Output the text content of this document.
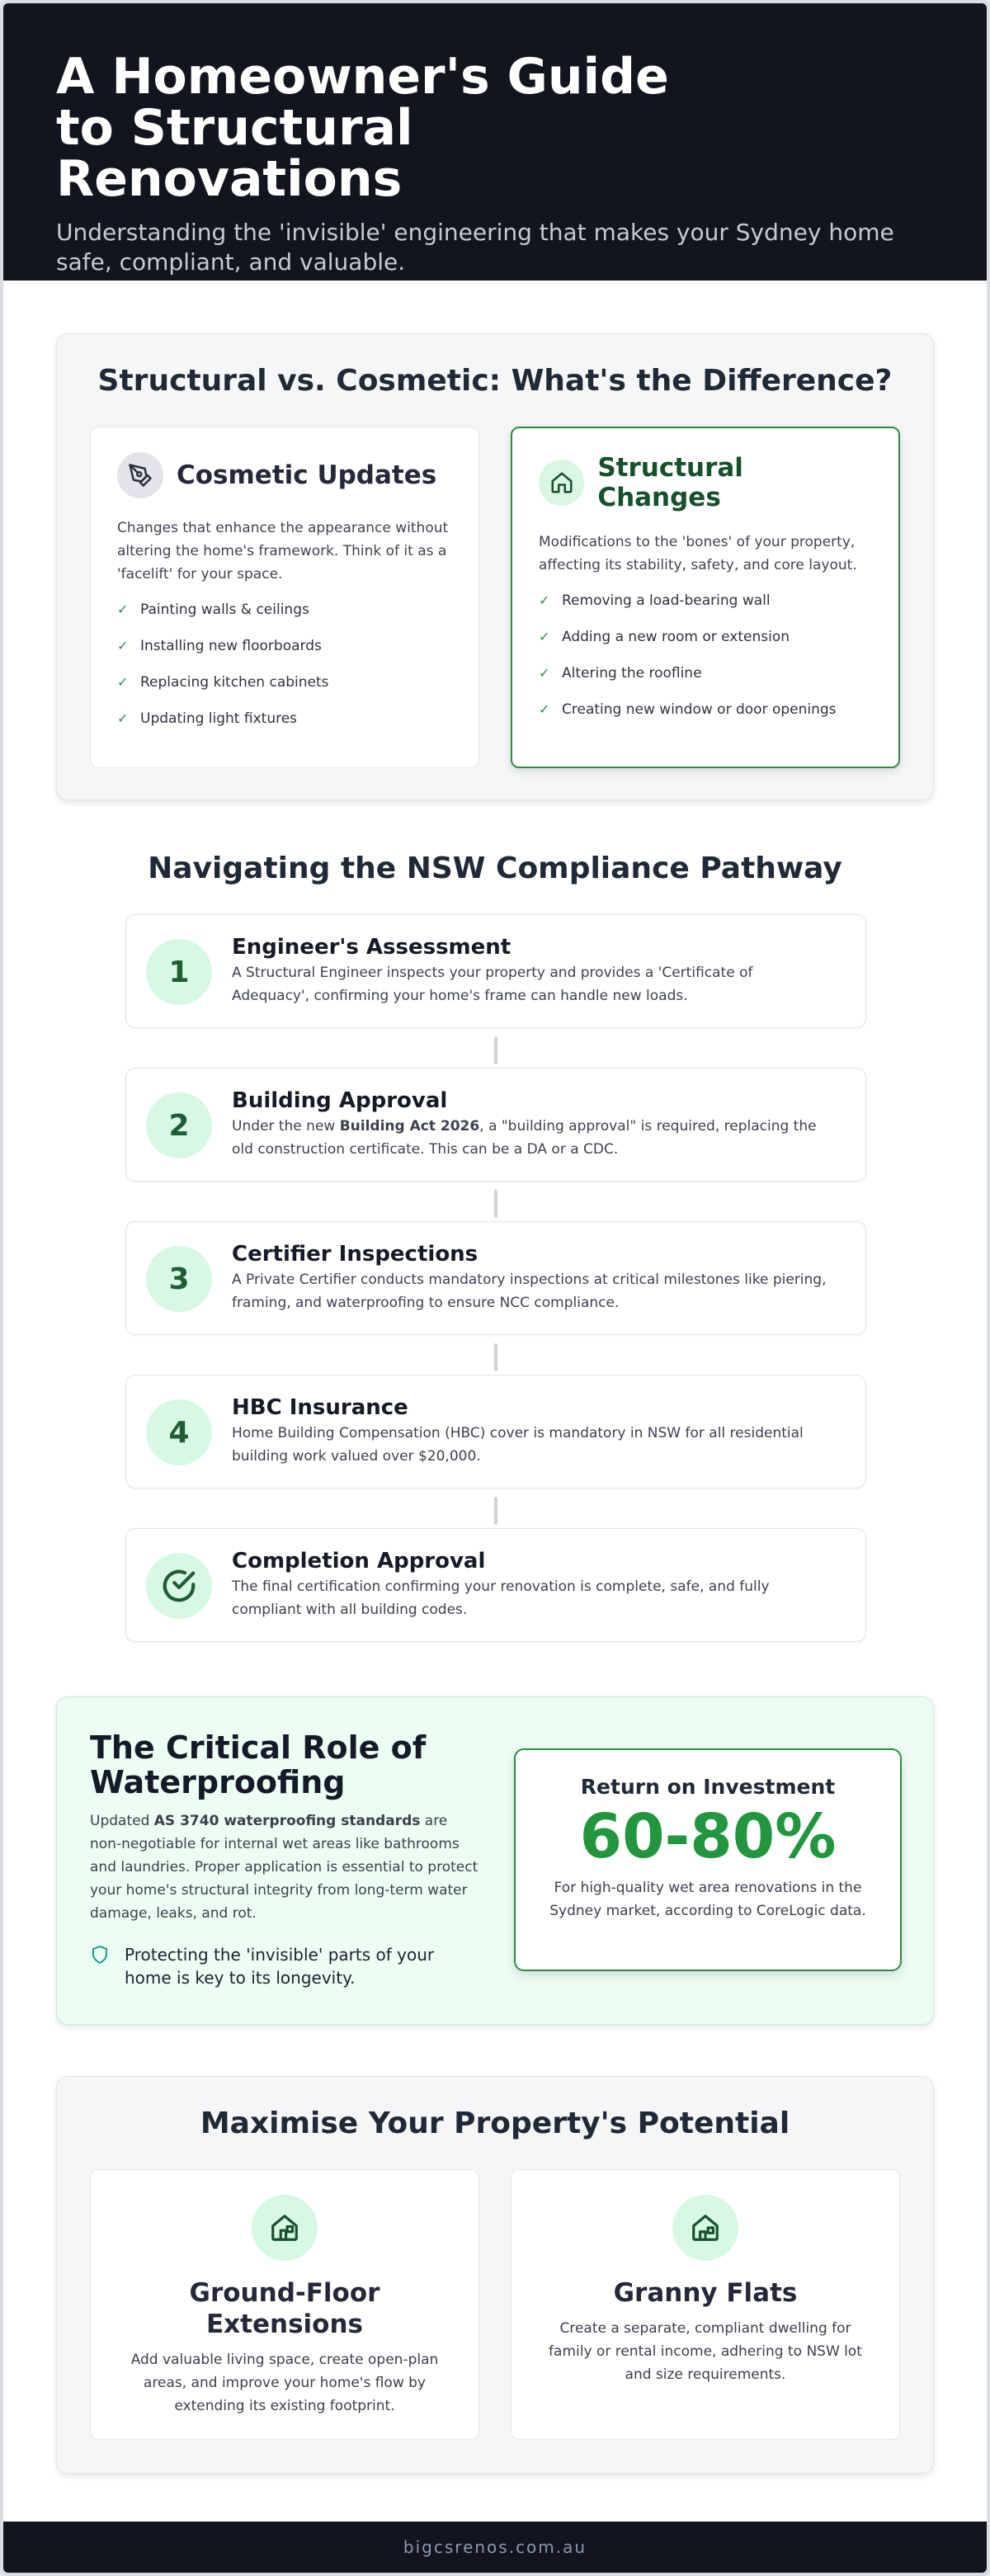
A Homeowner's Guide to Structural Renovations

Understanding the 'invisible' engineering that makes your Sydney home safe, compliant, and valuable.

Structural vs. Cosmetic: What's the Difference?
Cosmetic Updates

Changes that enhance the appearance without altering the home's framework. Think of it as a 'facelift' for your space.

✓ Painting walls & ceilings
✓ Installing new floorboards
✓ Replacing kitchen cabinets
✓ Updating light fixtures
Structural Changes

Modifications to the 'bones' of your property, affecting its stability, safety, and core layout.

✓ Removing a load-bearing wall
✓ Adding a new room or extension
✓ Altering the roofline
✓ Creating new window or door openings
Navigating the NSW Compliance Pathway
1
Engineer's Assessment
A Structural Engineer inspects your property and provides a 'Certificate of Adequacy', confirming your home's frame can handle new loads.
2
Building Approval
Under the new Building Act 2026, a "building approval" is required, replacing the old construction certificate. This can be a DA or a CDC.
3
Certifier Inspections
A Private Certifier conducts mandatory inspections at critical milestones like piering, framing, and waterproofing to ensure NCC compliance.
4
HBC Insurance
Home Building Compensation (HBC) cover is mandatory in NSW for all residential building work valued over $20,000.
Completion Approval
The final certification confirming your renovation is complete, safe, and fully compliant with all building codes.
The Critical Role of Waterproofing

Updated AS 3740 waterproofing standards are non-negotiable for internal wet areas like bathrooms and laundries. Proper application is essential to protect your home's structural integrity from long-term water damage, leaks, and rot.

Protecting the 'invisible' parts of your home is key to its longevity.
Return on Investment
60-80%

For high-quality wet area renovations in the Sydney market, according to CoreLogic data.

Maximise Your Property's Potential
Ground-Floor Extensions

Add valuable living space, create open-plan areas, and improve your home's flow by extending its existing footprint.

Granny Flats

Create a separate, compliant dwelling for family or rental income, adhering to NSW lot and size requirements.

bigcsrenos.com.au
